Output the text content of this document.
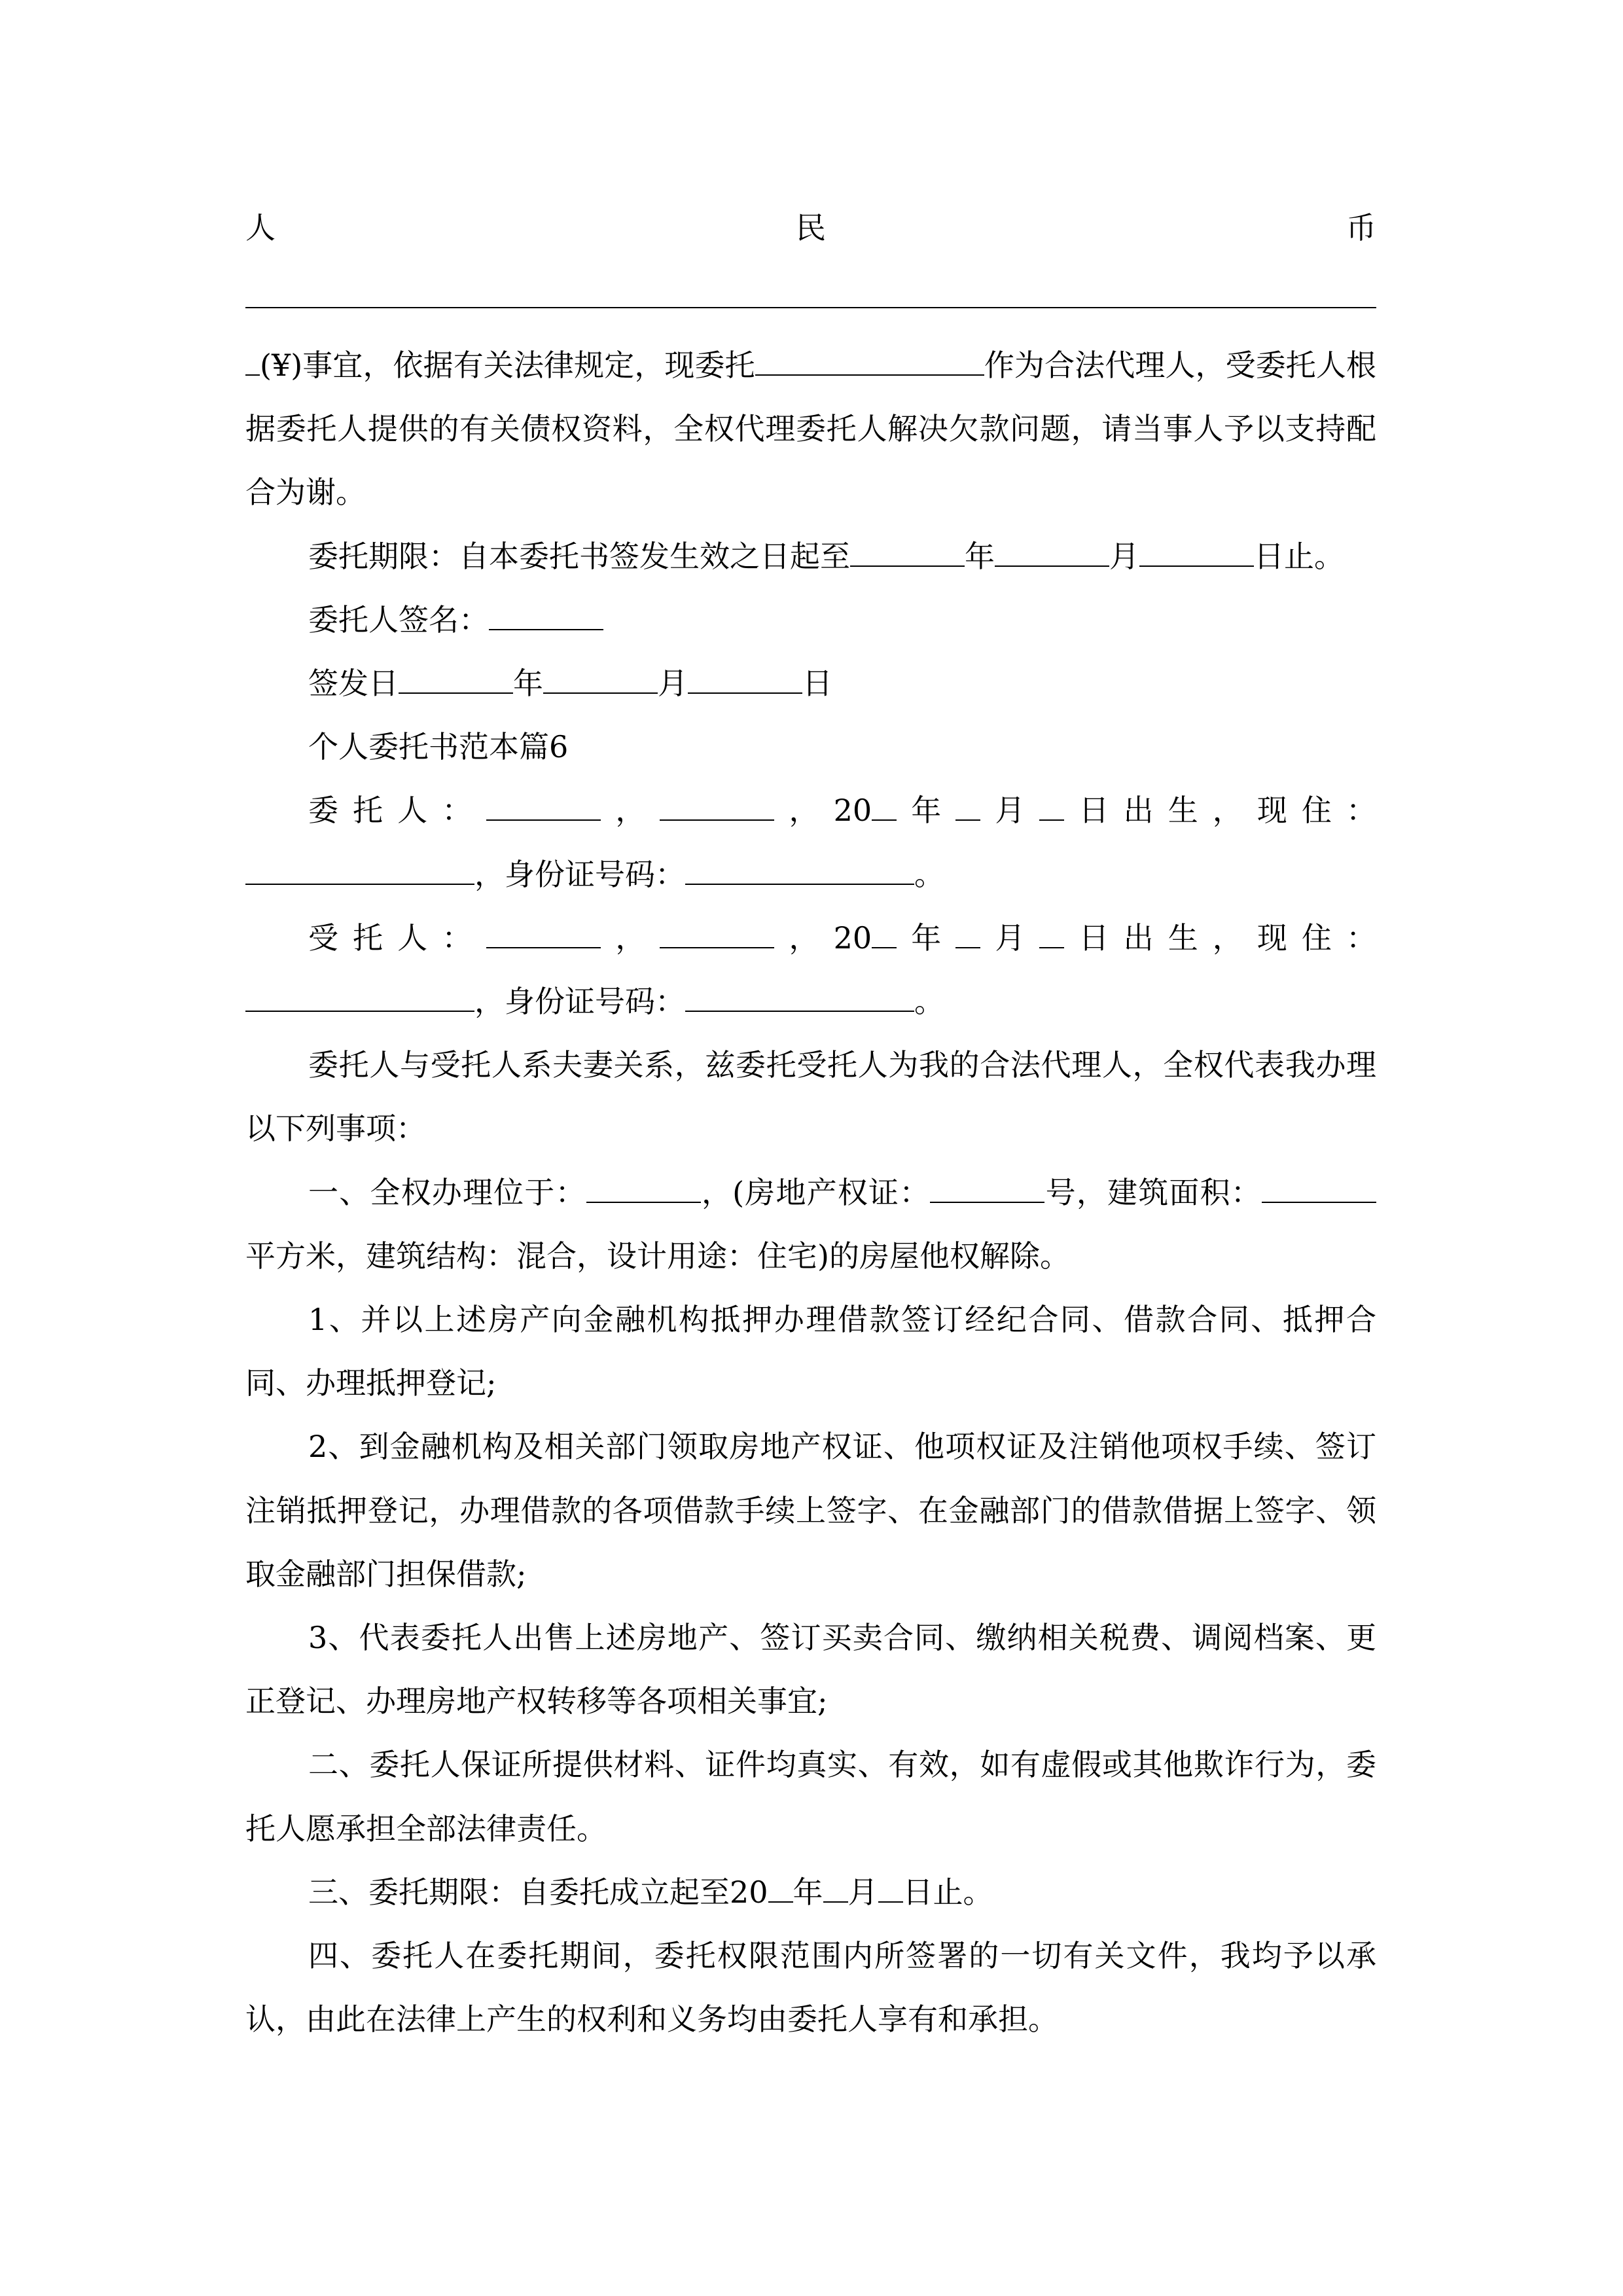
人	民	币

(¥)事宜，依据有关法律规定，现委托	作为合法代理人，受委托人根据委托人提供的有关债权资料，全权代理委托人解决欠款问题，请当事人予以支持配合为谢。

委托期限：自本委托书签发生效之日起至	年	月	日止。

委托人签名：

签发日	年	月	日

个人委托书范本篇6

委托人：	，	，20 年 月 日出生，现住：

，身份证号码：	。

受托人：	，	，20 年 月 日出生，现住：

，身份证号码：	。

委托人与受托人系夫妻关系，兹委托受托人为我的合法代理人，全权代表我办理以下列事项：

一、全权办理位于：	，(房地产权证：	号，建筑面积：平方米，建筑结构：混合，设计用途：住宅)的房屋他权解除。

1、并以上述房产向金融机构抵押办理借款签订经纪合同、借款合同、抵押合同、办理抵押登记;

2、到金融机构及相关部门领取房地产权证、他项权证及注销他项权手续、签订注销抵押登记，办理借款的各项借款手续上签字、在金融部门的借款借据上签字、领取金融部门担保借款;

3、代表委托人出售上述房地产、签订买卖合同、缴纳相关税费、调阅档案、更正登记、办理房地产权转移等各项相关事宜;

二、委托人保证所提供材料、证件均真实、有效，如有虚假或其他欺诈行为，委托人愿承担全部法律责任。

三、委托期限：自委托成立起至20 年 月 日止。

四、委托人在委托期间，委托权限范围内所签署的一切有关文件，我均予以承认，由此在法律上产生的权利和义务均由委托人享有和承担。
